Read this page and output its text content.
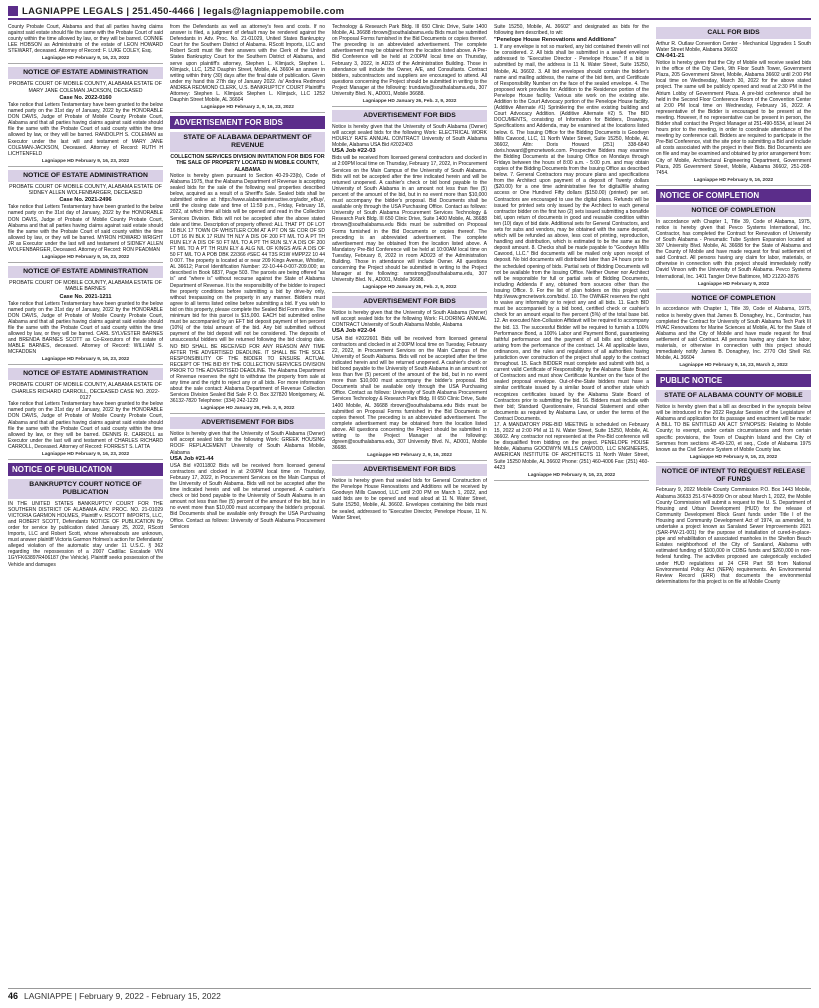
LAGNIAPPE LEGALS | 251.450-4466 | legals@lagniappemobile.com
County Probate Court, Alabama and that all parties having claims against said estate should file the same with the Probate Court of said county within the time allowed by law, or they will be barred. CONNIE LEE HOBSON as Administratrix of the estate of LEON HOWARD STEWART, deceased. Attorney of Record: F. LUKE COLEY, Esq.
Lagniappe HD February 9, 16, 23, 2022
NOTICE OF ESTATE ADMINISTRATION
PROBATE COURT OF MOBILE COUNTY, ALABAMA ESTATE OF MARY JANE COLEMAN JACKSON, DECEASED
Case No. 2022-0160
Take notice that Letters Testamentary have been granted to the below named party on the 31st day of January, 2022 by the HONORABLE DON DAVIS, Judge of Probate of Mobile County Probate Court, Alabama and that all parties having claims against said estate should file the same with the Probate Court of said county within the time allowed by law, or they will be barred. RANDOLPH S. COLEMAN as Executor under the last will and testament of MARY JANE COLEMAN-JACKSON, Deceased. Attorney of Record: RUTH H LICHTENFELD
Lagniappe HD February 9, 16, 23, 2022
NOTICE OF ESTATE ADMINISTRATION
PROBATE COURT OF MOBILE COUNTY, ALABAMA ESTATE OF SIDNEY ALLEN WOLFENBARGER, DECEASED
Case No. 2021-2496
Take notice that Letters Testamentary have been granted to the below named party on the 31st day of January, 2022 by the HONORABLE DON DAVIS, Judge of Probate of Mobile County Probate Court, Alabama and that all parties having claims against said estate should file the same with the Probate Court of said county within the time allowed by law, or they will be barred. MYRON HOWARD WRIGHT JR as Executor under the last will and testament of SIDNEY ALLEN WOLFENBARGER, Deceased. Attorney of Record: RON PEADMAN
Lagniappe HD February 9, 16, 23, 2022
NOTICE OF ESTATE ADMINISTRATION
PROBATE COURT OF MOBILE COUNTY, ALABAMA ESTATE OF MABLE BARNES
Case No. 2021-1211
Take notice that Letters Testamentary have been granted to the below named party on the 31st day of January, 2022 by the HONORABLE DON DAVIS, Judge of Probate of Mobile County Probate Court, Alabama and that all parties having claims against said estate should file the same with the Probate Court of said county within the time allowed by law, or they will be barred. CARL SYLVESTER BARNES and BRENDA BARNES SCOTT as Co-Executors of the estate of MABLE BARNES, deceased. Attorney of Record: WILLIAM S. MCFADDEN
Lagniappe HD February 9, 16, 23, 2022
NOTICE OF ESTATE ADMINISTRATION
PROBATE COURT OF MOBILE COUNTY, ALABAMA ESTATE OF CHARLES RICHARD CARROLL, DECEASED CASE NO. 2022-0127
Take notice that Letters Testamentary have been granted to the below named party on the 31st day of January, 2022 by the HONORABLE DON DAVIS, Judge of Probate of Mobile County Probate Court, Alabama and that all parties having claims against said estate should file the same with the Probate Court of said county within the time allowed by law, or they will be barred. DENNIS R. CARROLL as Executor under the last will and testament of CHARLES RICHARD CARROLL, Deceased. Attorney of Record: FORREST S. LATTA
Lagniappe HD February 9, 16, 23, 2022
NOTICE OF PUBLICATION
BANKRUPTCY COURT NOTICE OF PUBLICATION
IN THE UNITED STATES BANKRUPTCY COURT FOR THE SOUTHERN DISTRICT OF ALABAMA ADV. PROC. NO. 21-01029 VICTORIA GARMON HOLMES, Plaintiff v. RSCOTT IMPORTS, LLC, and ROBERT SCOTT, Defendants NOTICE OF PUBLICATION By order for service by publication dated January 25, 2022, RScott Imports, LLC and Robert Scott, whose whereabouts are unknown, must answer plaintiff Victoria Garmon Holmes's action for Defendants' alleged violation of the automatic stay under 11 U.S.C. § 362 regarding the repossession of a 2007 Cadillac Escalade VIN 1GYFK63897R406187 (the Vehicle). Plaintiff seeks possession of the Vehicle and damages
from the Defendants as well as attorney's fees and costs. If no answer is filed, a judgment of default may be rendered against the Defendants in Adv. Proc. No. 21-01029, United States Bankruptcy Court for the Southern District of Alabama. RScott Imports, LLC and Robert Scott must file their answers with the Clerk of the United States Bankruptcy Court for the Southern District of Alabama, and serve upon plaintiff's attorney, Stephen L. Klimjack, Stephen L. Klimjack, LLC, 1252 Dauphin Street, Mobile, AL 36604 an answer in writing within thirty (30) days after the final date of publication. Given under my hand this 27th day of January 2022. /s/ Andrea Redmond ANDREA REDMOND CLERK, U.S. BANKRUPTCY COURT Plaintiff's Attorney: Stephen L. Klimjack Stephen L. Klimjack, LLC 1252 Dauphin Street Mobile, AL 36604
Lagniappe HD February 2, 9, 16, 23, 2022
ADVERTISEMENT FOR BIDS
STATE OF ALABAMA DEPARTMENT OF REVENUE
COLLECTION SERVICES DIVISION INVITATION FOR BIDS FOR THE SALE OF PROPERTY LOCATED IN MOBILE COUNTY, ALABAMA
Notice is hereby given pursuant to Section 40-29-23(b), Code of Alabama 1975, that the Alabama Department of Revenue is accepting sealed bids for the sale of the following real properties described below, acquired as a result of a Sheriff's Sale. Sealed bids shall be submitted online at: https://www.alabamainteractive.org/ador_eBuy/, until the closing date and time of 11:59 p.m., Friday, February 18, 2022, at which time all bids will be opened and read in the Collection Services Division. Bids will not be accepted after the above stated date and time. Description of property offered: ALL THAT PT OF LOT 16 BLK 17 TOWN OF WHISTLER COM AT A PT ON SE COR OF SD LOT 16 IN BLK 17 RUN TH NLY A DIS OF 200 FT M/L TO A PT TH RUN ELY A DIS OF 50 FT M/L TO A PT TH RUN SLY A DIS OF 200 FT M/L TO A PT TH RUN ELY & ALG N/L OF KINGS AVE A DIS OF 50 FT M/L TO A POB DBK 22/366 #SEC 44 T3S R1W #MPP22 10 44 0 007. The property is located at or near 209 Kings Avenue, Whistler, AL 36612; Parcel Identification Number: 22-10-44-0-007-209.000; as described in Book 6837, Page 503. The parcels are being offered "as is" and "where is" without recourse against the State of Alabama Department of Revenue. It is the responsibility of the bidder to inspect the property conditions before submitting a bid by drive-by only, without trespassing on the property in any manner. Bidders must agree to all terms listed online before submitting a bid. If you wish to bid on this property, please complete the Sealed Bid Form online. The minimum bid for this parcel is $15,000. EACH bid submitted online must be accompanied by an EFT bid deposit payment of ten percent (10%) of the total amount of the bid. Any bid submitted without payment of the bid deposit will not be considered. The deposits of unsuccessful bidders will be returned following the bid closing date. NO BID SHALL BE RECEIVED FOR ANY REASON ANY TIME AFTER THE ADVERTISED DEADLINE. IT SHALL BE THE SOLE RESPONSIBILITY OF THE BIDDER TO ENSURE ACTUAL RECEIPT OF THE BID BY THE COLLECTION SERVICES DIVISION PRIOR TO THE ADVERTISED DEADLINE. The Alabama Department of Revenue reserves the right to withdraw the property from sale at any time and the right to reject any or all bids. For more information about the sale contact: Alabama Department of Revenue Collection Services Division Sealed Bid Sale P. O. Box 327820 Montgomery, AL 36132-7820 Telephone: (334) 242-1229
Lagniappe HD January 26, Feb. 2, 9, 2022
ADVERTISEMENT FOR BIDS
Notice is hereby given that the University of South Alabama (Owner) will accept sealed bids for the following Work: GREEK HOUSING ROOF REPLACEMENT University of South Alabama Mobile, Alabama
USA Job #21-44
USA Bid #2011802 Bids will be received from licensed general contractors and clocked in at 2:00PM local time on Thursday, February 17, 2022, in Procurement Services on the Main Campus of the University of South Alabama. Bids will not be accepted after the time indicated herein and will be returned unopened. A cashier's check or bid bond payable to the University of South Alabama in an amount not less than five (5) percent of the amount of the bid, but in no event more than $10,000 must accompany the bidder's proposal. Bid Documents shall be available only through the USA Purchasing Office. Contact as follows: University of South Alabama Procurement Services
Technology & Research Park Bldg. III 650 Clinic Drive, Suite 1400 Mobile, AL 36688 rbrown@southalabama.edu Bids must be submitted on Proposal Forms furnished in the Bid Documents or copies thereof. The preceding is an abbreviated advertisement. The complete advertisement may be obtained from the location listed above. A Pre-Bid Conference will be held at 2:00PM local time on Thursday, February 3, 2022, in AD23 of the Administration Building. Those in attendance will include the Owner, A/E, and Consultants. Contract bidders, subcontractors and suppliers are encouraged to attend. All questions concerning the Project should be submitted in writing to the Project Manager at the following: trundavis@southalabama.edu, 307 University Blvd. N., AD001, Mobile 36688.
Lagniappe HD January 26, Feb. 2, 9, 2022
ADVERTISEMENT FOR BIDS
Notice is hereby given that the University of South Alabama (Owner) will accept sealed bids for the following Work: ELECTRICAL WORK HOURLY RATE ANNUAL CONTRACT University of South Alabama Mobile, Alabama USA Bid #2022403
USA Job #22-03
Bids will be received from licensed general contractors and clocked in at 2:00PM local time on Thursday, February 17, 2022, in Procurement Services on the Main Campus of the University of South Alabama. Bids will not be accepted after the time indicated herein and will be returned unopened. A cashier's check or bid bond payable to the University of South Alabama in an amount not less than five (5) percent of the amount of the bid, but in no event more than $10,000 must accompany the bidder's proposal. Bid Documents shall be available only through the USA Purchasing Office. Contact as follows: University of South Alabama Procurement Services Technology & Research Park Bldg. III 650 Clinic Drive, Suite 1400 Mobile, AL 36688 rbrown@southalabama.edu Bids must be submitted on Proposal Forms furnished in the Bid Documents or copies thereof. The preceding is an abbreviated advertisement. The complete advertisement may be obtained from the location listed above. A Mandatory Pre-Bid Conference will be held at 10:00AM local time on Tuesday, February 8, 2022 in room AD023 of the Administration Building. Those in attendance will include Owner. All questions concerning the Project should be submitted in writing to the Project Manager at the following: ramstrong@southalabama.edu, 307 University Blvd. N., AD001, Mobile 36688.
Lagniappe HD January 26, Feb. 2, 9, 2022
ADVERTISEMENT FOR BIDS
Notice is hereby given that the University of South Alabama (Owner) will accept sealed bids for the following Work: FLOORING ANNUAL CONTRACT University of South Alabama Mobile, Alabama
USA Job #22-04
USA Bid #2022601 Bids will be received from licensed general contractors and clocked in at 2:00PM local time on Tuesday, February 22, 2022, in Procurement Services on the Main Campus of the University of South Alabama. Bids will not be accepted after the time indicated herein and will be returned unopened. A cashier's check or bid bond payable to the University of South Alabama in an amount not less than five (5) percent of the amount of the bid, but in no event more than $10,000 must accompany the bidder's proposal. Bid Documents shall be available only through the USA Purchasing Office. Contact as follows: University of South Alabama Procurement Services Technology & Research Park Bldg. III 650 Clinic Drive, Suite 1400 Mobile, AL 36688 rbrown@southalabama.edu Bids must be submitted on Proposal Forms furnished in the Bid Documents or copies thereof. The preceding is an abbreviated advertisement. The complete advertisement may be obtained from the location listed above. All questions concerning the Project should be submitted in writing to the Project Manager at the following: dgreen@southalabama.edu, 307 University Blvd. N., AD001, Mobile 36688.
Lagniappe HD February 2, 9, 16, 2022
ADVERTISEMENT FOR BIDS
Notice is hereby given that sealed bids for General Construction of the Penelope House Renovations and Additions will be received by Goodwyn Mills Cawood, LLC until 2:00 PM on March 1, 2022, and said bids are to be opened and read aloud at 11 N. Water Street, Suite 15250, Mobile, AL 36602. Envelopes containing the bids must be sealed, addressed to "Executive Director, Penelope House, 11 N. Water Street,
Suite 15250, Mobile, AL 36602" and designated as bids for the following item described, to wit:
"Penelope House Renovations and Additions"
1. If any envelope is not so marked, any bid contained therein will not be considered. 2. All bids shall be submitted in a sealed envelope addressed to "Executive Director - Penelope House." If a bid is submitted by mail, the address is 11 N. Water Street, Suite 15250, Mobile, AL 36602. 3. All bid envelopes should contain the bidder's name and mailing address, the name of the bid item, and Certificate of Responsibility Number on the face of the sealed envelope. 4. The proposed work provides for: Addition to the Residence portion of the Penelope House facility. Various site work on the existing site. Addition to the Court Advocacy portion of the Penelope House facility. (Additive Alternate #1) Sprinklering the entire existing building and Court Advocacy Addition. (Additive Alternate #2) 5. The BID DOCUMENTS, consisting of Information for Bidders, Drawings, Specifications and Addenda, may be examined at the locations listed below. 6. The Issuing Office for the Bidding Documents is Goodwyn Mills Cawood, LLC, 11 North Water Street, Suite 15250, Mobile, AL 36602, Attn: Doris Howard (251) 338-6840 doris.howard@gmcnetwork.com. Prospective Bidders may examine the Bidding Documents at the Issuing Office on Mondays through Fridays between the hours of 8:00 a.m. - 5:00 p.m. and may obtain copies of the Bidding Documents from the Issuing Office as described below. 7. General Contractors may procure plans and specifications from the Architect upon payment of a deposit of Twenty dollars ($20.00) for a one time administrative fee for digital/file sharing access or One Hundred Fifty dollars ($150.00) (printed) per set. Contractors are encouraged to use the digital plans. Refunds will be issued for printed sets only issued by the Architect to each general contractor bidder on the first two (2) sets issued submitting a bonafide bid, upon return of documents in good and reusable condition within ten (10) days of bid date. Additional sets for General Contractors, and sets for subs and vendors, may be obtained with the same deposit, which will be refunded as above, less cost of printing, reproduction, handling and distribution, which is estimated to be the same as the deposit amount. 8. Checks shall be made payable to "Goodwyn Mills Cawood, LLC." Bid documents will be mailed only upon receipt of deposit. No bid documents will distributed later than 24 hours prior to the scheduled opening of bids. Partial sets of Bidding Documents will not be available from the Issuing Office. Neither Owner nor Architect will be responsible for full or partial sets of Bidding Documents, including Addenda if any, obtained from sources other than the Issuing Office. 9. For the list of plan holders on this project visit http://www.gmcnetwork.com/bids/. 10. The OWNER reserves the right to waive any informality or to reject any and all bids. 11. Each BID must be accompanied by a bid bond, certified check or cashier's check for an amount equal to five percent (5%) of the total base bid. 12. An executed Non-Collusion Affidavit will be required to accompany the bid. 13. The successful Bidder will be required to furnish a 100% Performance Bond, a 100% Labor and Payment Bond, guaranteeing faithful performance and the payment of all bills and obligations arising from the performance of the contract. 14. All applicable laws, ordinances, and the rules and regulations of all authorities having jurisdiction over construction of the project shall apply to the contract throughout. 15. Each BIDDER must complete and submit with bid, a current valid Certificate of Responsibility by the Alabama State Board of Contractors and must show Certificate Number on the face of the sealed proposal envelope. Out-of-the-State bidders must have a similar certificate issued by a similar board of another state which recognizes certificates issued by the Alabama State Board of Contractors prior to submitting the bid. 16. Bidders must include with their bid; Standard Questionnaire, Financial Statement and other documents as required by Alabama Law, or under the terms of the Contract Documents.
17. A MANDATORY PRE-BID MEETING is scheduled on February 15, 2022 at 2:00 PM at 11 N. Water Street, Suite 15250, Mobile, AL 36602. Any contractor not represented at the Pre-Bid conference will be disqualified from bidding on the project. PENELOPE HOUSE Mobile, Alabama GOODWYN MILLS CAWOOD, LLC ENGINEERS, AMERICAN INSTITUTE OF ARCHITECTS 11 North Water Street, Suite 15250 Mobile, AL 36602 Phone: (251) 460-4006 Fax: (251) 460-4423
Lagniappe HD February 9, 16, 23, 2022
CALL FOR BIDS
Arthur R. Outlaw Convention Center - Mechanical Upgrades 1 South Water Street Mobile, Alabama 36602
CN-041-21
Notice is hereby given that the City of Mobile will receive sealed bids in the office of the City Clerk, 9th Floor South Tower, Government Plaza, 205 Government Street, Mobile, Alabama 36602 until 2:00 PM local time on Wednesday, March 30, 2022 for the above stated project. The same will be publicly opened and read at 2:30 PM in the Atrium Lobby of Government Plaza. A pre-bid conference shall be held in the Second Floor Conference Room of the Convention Center at 2:00 PM local time on Wednesday, February 16, 2022. A representative of the Bidder is encouraged to be present at the meeting. However, if no representative can be present in person, the Bidder shall contact the Project Manager at 251-490-5534, at least 24 hours prior to the meeting, in order to coordinate attendance of the meeting by conference call. Bidders are required to participate in the Pre-Bid Conference, visit the site prior to submitting a Bid and include all costs associated with the project in their Bids. Bid Documents are on file and may be examined and obtained by prior arrangement from: City of Mobile, Architectural Engineering Department, Government Plaza, 205 Government Street, Mobile, Alabama 36602, 251-208-7454.
Lagniappe HD February 9, 16, 2022
NOTICE OF COMPLETION
NOTICE OF COMPLETION
In accordance with Chapter 1, Title 39, Code of Alabama, 1975, notice is hereby given that Pevco Systems International, Inc. Contractor, has completed the Contract for Renovation of University of South Alabama - Pneumatic Tube System Expansion located at 307 University Blvd. Mobile, AL 36688 for the State of Alabama and the County of Mobile and have made request for final settlement of said Contract. All persons having any claim for labor, materials, or otherwise in connection with this project should immediately notify David Vinson with the University of South Alabama. Pevco Systems International, Inc. 1401 Tangier Drive Baltimore, MD 21220-2876
Lagniappe HD February 9, 2022
NOTICE OF COMPLETION
In accordance with Chapter 1, Title 39, Code of Alabama, 1975, notice is hereby given that James B. Donaghey, Inc., Contractor, has completed the Contract for University of South Alabama Tech Park III HVAC Renovations for Marine Sciences at Mobile, AL for the State of Alabama and the City of Mobile and have made request for final settlement of said Contract. All persons having any claim for labor, materials, or otherwise in connection with this project should immediately notify James B. Donaghey, Inc. 2770 Old Shell Rd. Mobile, AL 36604
Lagniappe HD February 9, 16, 23, March 2, 2022
PUBLIC NOTICE
STATE OF ALABAMA COUNTY OF MOBILE
Notice is hereby given that a bill as described in the synopsis below will be introduced in the 2022 Regular Session of the Legislature of Alabama and application for its passage and enactment will be made: A BILL TO BE ENTITLED AN ACT SYNOPSIS: Relating to Mobile County; to exempt, under certain circumstances and from certain specific provisions, the Town of Dauphin Island and the City of Semmes from sections 45-49-120, et seq., Code of Alabama 1975 known as the Civil Service System of Mobile County law.
Lagniappe HD February 9, 16, 23, 2022
NOTICE OF INTENT TO REQUEST RELEASE OF FUNDS
February 9, 2022 Mobile County Commission P.O. Box 1443 Mobile, Alabama 36633 251-574-8099 On or about March 1, 2022, the Mobile County Commission will submit a request to the U. S. Department of Housing and Urban Development (HUD) for the release of Community Development Block Grant funds under Title I of the Housing and Community Development Act of 1974, as amended, to undertake a project known as Saraland Sewer Improvements 2021 (SAR-PW-21-001) for the purpose of installation of cured-in-place-pipe and rehabilitation of associated manholes in the Shelton Beach Estates neighborhood of the City of Saraland, Alabama with estimated funding of $100,000 in CDBG funds and $260,000 in non-federal funding. The activities proposed are categorically excluded under HUD regulations at 24 CFR Part 58 from National Environmental Policy Act (NEPA) requirements. An Environmental Review Record (ERR) that documents the environmental determinations for this project is on file at Mobile County
46 LAGNIAPPE | February 9, 2022 - February 15, 2022
